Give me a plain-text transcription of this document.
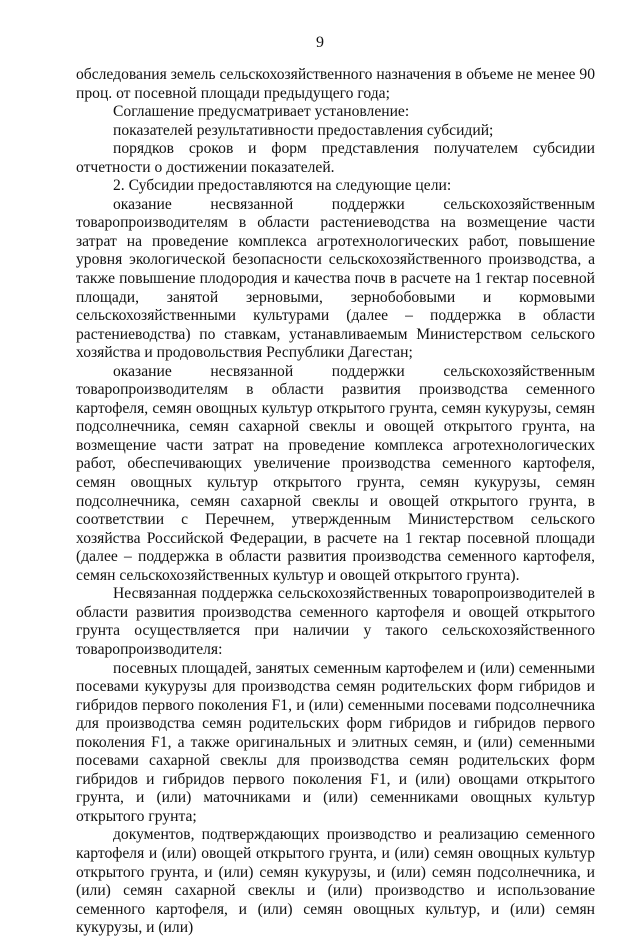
9

обследования земель сельскохозяйственного назначения в объеме не менее 90 проц. от посевной площади предыдущего года;

Соглашение предусматривает установление:

показателей результативности предоставления субсидий;

порядков сроков и форм представления получателем субсидии отчетности о достижении показателей.

2. Субсидии предоставляются на следующие цели:

оказание несвязанной поддержки сельскохозяйственным товаропроизводителям в области растениеводства на возмещение части затрат на проведение комплекса агротехнологических работ, повышение уровня экологической безопасности сельскохозяйственного производства, а также повышение плодородия и качества почв в расчете на 1 гектар посевной площади, занятой зерновыми, зернобобовыми и кормовыми сельскохозяйственными культурами (далее – поддержка в области растениеводства) по ставкам, устанавливаемым Министерством сельского хозяйства и продовольствия Республики Дагестан;

оказание несвязанной поддержки сельскохозяйственным товаропроизводителям в области развития производства семенного картофеля, семян овощных культур открытого грунта, семян кукурузы, семян подсолнечника, семян сахарной свеклы и овощей открытого грунта, на возмещение части затрат на проведение комплекса агротехнологических работ, обеспечивающих увеличение производства семенного картофеля, семян овощных культур открытого грунта, семян кукурузы, семян подсолнечника, семян сахарной свеклы и овощей открытого грунта, в соответствии с Перечнем, утвержденным Министерством сельского хозяйства Российской Федерации, в расчете на 1 гектар посевной площади (далее – поддержка в области развития производства семенного картофеля, семян сельскохозяйственных культур и овощей открытого грунта).

Несвязанная поддержка сельскохозяйственных товаропроизводителей в области развития производства семенного картофеля и овощей открытого грунта осуществляется при наличии у такого сельскохозяйственного товаропроизводителя:

посевных площадей, занятых семенным картофелем и (или) семенными посевами кукурузы для производства семян родительских форм гибридов и гибридов первого поколения F1, и (или) семенными посевами подсолнечника для производства семян родительских форм гибридов и гибридов первого поколения F1, а также оригинальных и элитных семян, и (или) семенными посевами сахарной свеклы для производства семян родительских форм гибридов и гибридов первого поколения F1, и (или) овощами открытого грунта, и (или) маточниками и (или) семенниками овощных культур открытого грунта;

документов, подтверждающих производство и реализацию семенного картофеля и (или) овощей открытого грунта, и (или) семян овощных культур открытого грунта, и (или) семян кукурузы, и (или) семян подсолнечника, и (или) семян сахарной свеклы и (или) производство и использование семенного картофеля, и (или) семян овощных культур, и (или) семян кукурузы, и (или)
